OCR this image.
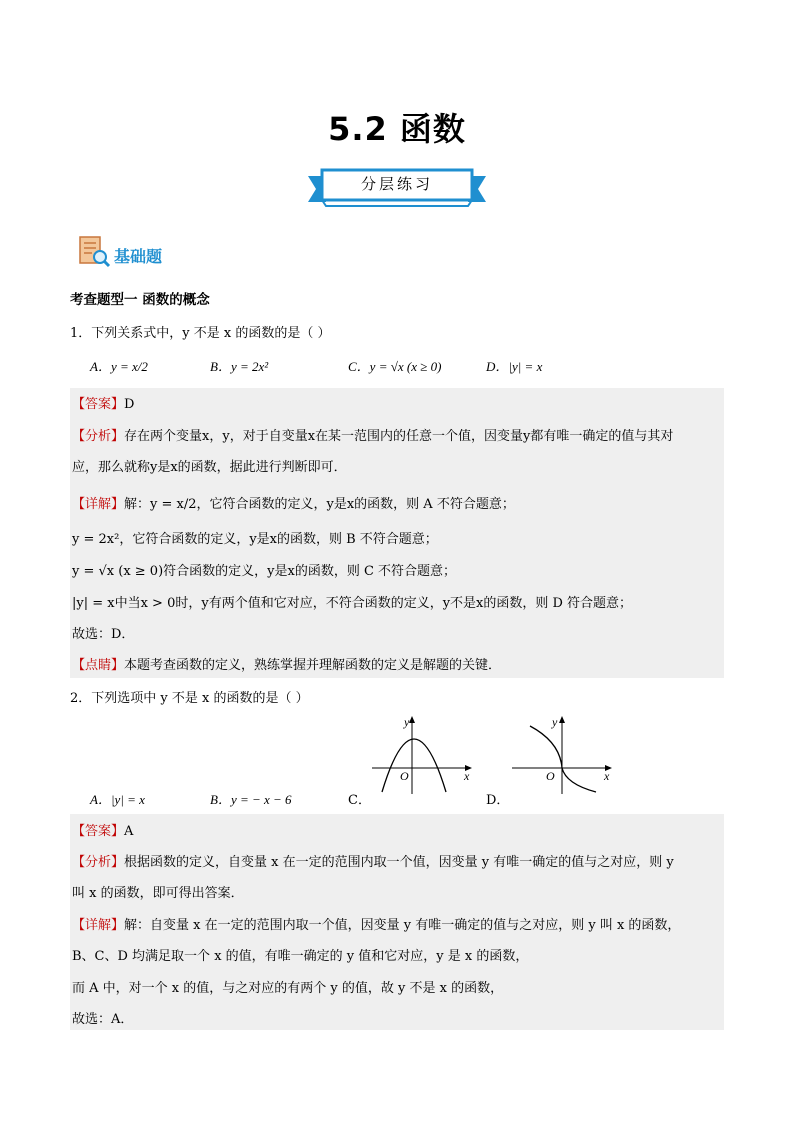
5.2 函数
分层练习
基础题
考查题型一 函数的概念
1．下列关系式中，y 不是 x 的函数的是（ ）
A．y = x/2	B．y = 2x²	C．y = √x (x ≥ 0)	D．|y| = x
【答案】D
【分析】存在两个变量x，y，对于自变量x在某一范围内的任意一个值，因变量y都有唯一确定的值与其对
应，那么就称y是x的函数，据此进行判断即可．
【详解】解：y = x/2，它符合函数的定义，y是x的函数，则 A 不符合题意；
y = 2x²，它符合函数的定义，y是x的函数，则 B 不符合题意；
y = √x (x ≥ 0)符合函数的定义，y是x的函数，则 C 不符合题意；
|y| = x中当x > 0时，y有两个值和它对应，不符合函数的定义，y不是x的函数，则 D 符合题意；
故选：D．
【点睛】本题考查函数的定义，熟练掌握并理解函数的定义是解题的关键．
2．下列选项中 y 不是 x 的函数的是（ ）
y
x
O
y
x
O
A．|y| = x	B．y = − x − 6	C．	D．
【答案】A
【分析】根据函数的定义，自变量 x 在一定的范围内取一个值，因变量 y 有唯一确定的值与之对应，则 y
叫 x 的函数，即可得出答案．
【详解】解：自变量 x 在一定的范围内取一个值，因变量 y 有唯一确定的值与之对应，则 y 叫 x 的函数，
B、C、D 均满足取一个 x 的值，有唯一确定的 y 值和它对应，y 是 x 的函数，
而 A 中，对一个 x 的值，与之对应的有两个 y 的值，故 y 不是 x 的函数，
故选：A．
